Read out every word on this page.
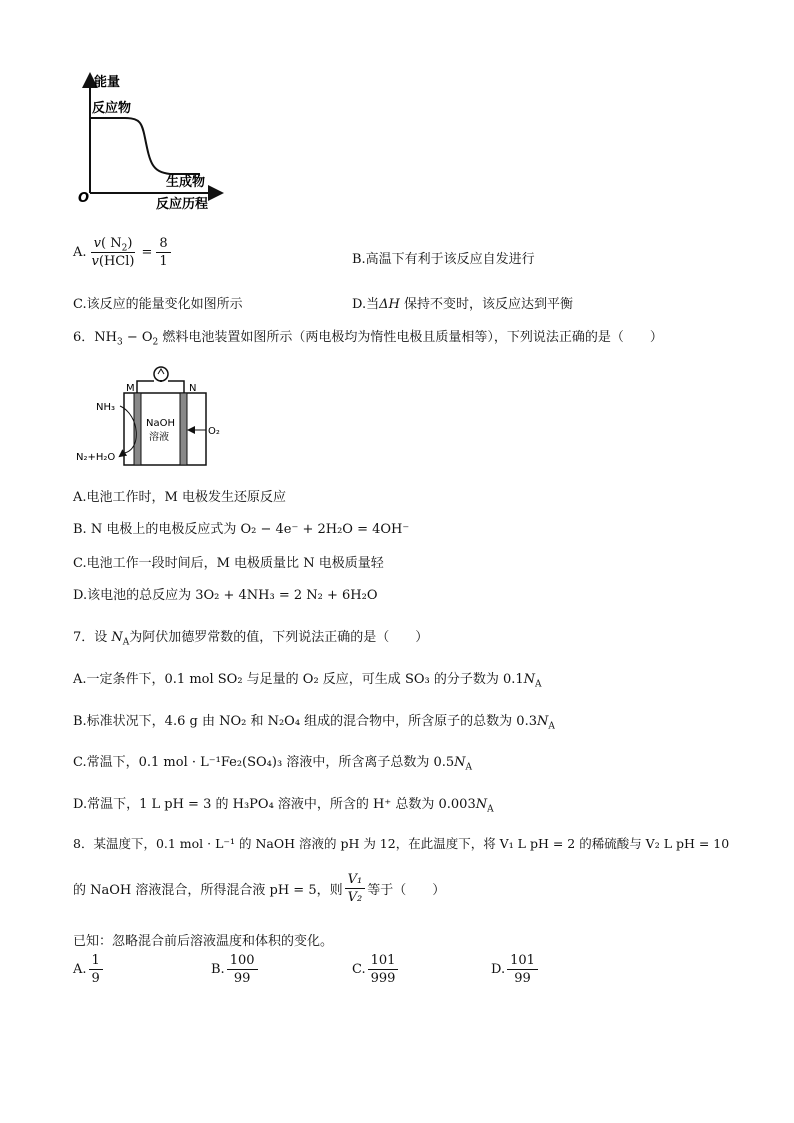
能量
反应物
生成物
反应历程
O
A. $\frac{v( N_2)}{\text{v(HCl)}} = \frac{8}{1}$	B.高温下有利于该反应自发进行
C.该反应的能量变化如图所示	D.当ΔH 保持不变时，该反应达到平衡
6．$NH_3 - O_2$ 燃料电池装置如图所示（两电极均为惰性电极且质量相等），下列说法正确的是（　　）
M	N
NaOH
溶液
NH₃
N₂+H₂O
O₂
A.电池工作时，M 电极发生还原反应
B. N 电极上的电极反应式为 O₂ − 4e⁻ + 2H₂O = 4OH⁻
C.电池工作一段时间后，M 电极质量比 N 电极质量轻
D.该电池的总反应为 3O₂ + 4NH₃ = 2 N₂ + 6H₂O
7．设 $N_A$为阿伏加德罗常数的值，下列说法正确的是（　　）
A.一定条件下，0.1 mol SO₂ 与足量的 O₂ 反应，可生成 SO₃ 的分子数为 $0.1N_A$
B.标准状况下，4.6 g 由 NO₂ 和 N₂O₄ 组成的混合物中，所含原子的总数为 $0.3N_A$
C.常温下，0.1 mol · L⁻¹Fe₂(SO₄)₃ 溶液中，所含离子总数为 $0.5N_A$
D.常温下，1 L pH = 3 的 H₃PO₄ 溶液中，所含的 H⁺ 总数为 $0.003N_A$
8．某温度下，0.1 mol · L⁻¹ 的 NaOH 溶液的 pH 为 12，在此温度下，将 V₁ L pH = 2 的稀硫酸与 V₂ L pH = 10
的 NaOH 溶液混合，所得混合液 pH = 5，则 $\frac{\text{V₁}}{\text{V₂}}$ 等于（　　）
已知：忽略混合前后溶液温度和体积的变化。
A. $\frac{1}{9}$	B. $\frac{100}{99}$	C. $\frac{101}{999}$	D. $\frac{101}{99}$
